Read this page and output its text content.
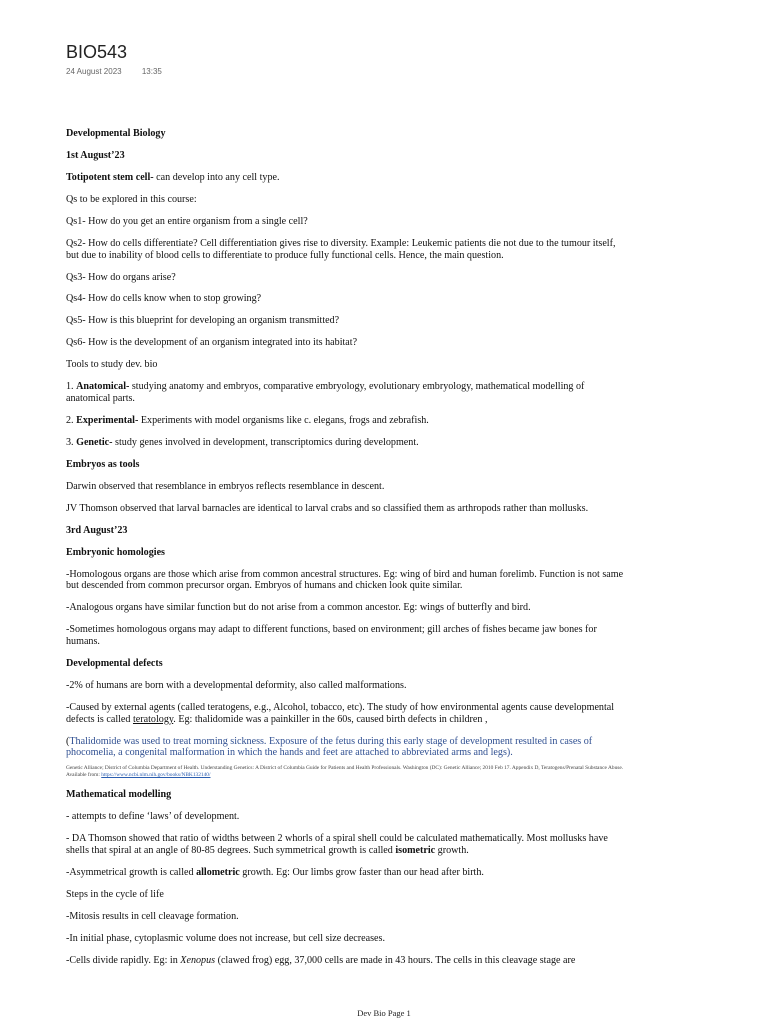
BIO543
24 August 2023	13:35

Developmental Biology

1st August’23

Totipotent stem cell- can develop into any cell type.

Qs to be explored in this course:

Qs1- How do you get an entire organism from a single cell?

Qs2- How do cells differentiate? Cell differentiation gives rise to diversity. Example: Leukemic patients die not due to the tumour itself, but due to inability of blood cells to differentiate to produce fully functional cells. Hence, the main question.

Qs3- How do organs arise?

Qs4- How do cells know when to stop growing?

Qs5- How is this blueprint for developing an organism transmitted?

Qs6- How is the development of an organism integrated into its habitat?

Tools to study dev. bio

1. Anatomical- studying anatomy and embryos, comparative embryology, evolutionary embryology, mathematical modelling of anatomical parts.

2. Experimental- Experiments with model organisms like c. elegans, frogs and zebrafish.

3. Genetic- study genes involved in development, transcriptomics during development.

Embryos as tools

Darwin observed that resemblance in embryos reflects resemblance in descent.

JV Thomson observed that larval barnacles are identical to larval crabs and so classified them as arthropods rather than mollusks.

3rd August’23

Embryonic homologies

-Homologous organs are those which arise from common ancestral structures. Eg: wing of bird and human forelimb. Function is not same but descended from common precursor organ. Embryos of humans and chicken look quite similar.

-Analogous organs have similar function but do not arise from a common ancestor. Eg: wings of butterfly and bird.

-Sometimes homologous organs may adapt to different functions, based on environment; gill arches of fishes became jaw bones for humans.

Developmental defects

-2% of humans are born with a developmental deformity, also called malformations.

-Caused by external agents (called teratogens, e.g., Alcohol, tobacco, etc). The study of how environmental agents cause developmental defects is called teratology. Eg: thalidomide was a painkiller in the 60s, caused birth defects in children ,

(Thalidomide was used to treat morning sickness. Exposure of the fetus during this early stage of development resulted in cases of phocomelia, a congenital malformation in which the hands and feet are attached to abbreviated arms and legs).

Genetic Alliance; District of Columbia Department of Health. Understanding Genetics: A District of Columbia Guide for Patients and Health Professionals. Washington (DC): Genetic Alliance; 2010 Feb 17. Appendix D, Teratogens/Prenatal Substance Abuse. Available from: https://www.ncbi.nlm.nih.gov/books/NBK132140/

Mathematical modelling

- attempts to define ‘laws’ of development.

- DA Thomson showed that ratio of widths between 2 whorls of a spiral shell could be calculated mathematically. Most mollusks have shells that spiral at an angle of 80-85 degrees. Such symmetrical growth is called isometric growth.

-Asymmetrical growth is called allometric growth. Eg: Our limbs grow faster than our head after birth.

Steps in the cycle of life

-Mitosis results in cell cleavage formation.

-In initial phase, cytoplasmic volume does not increase, but cell size decreases.

-Cells divide rapidly. Eg: in Xenopus (clawed frog) egg, 37,000 cells are made in 43 hours. The cells in this cleavage stage are

Dev Bio Page 1
